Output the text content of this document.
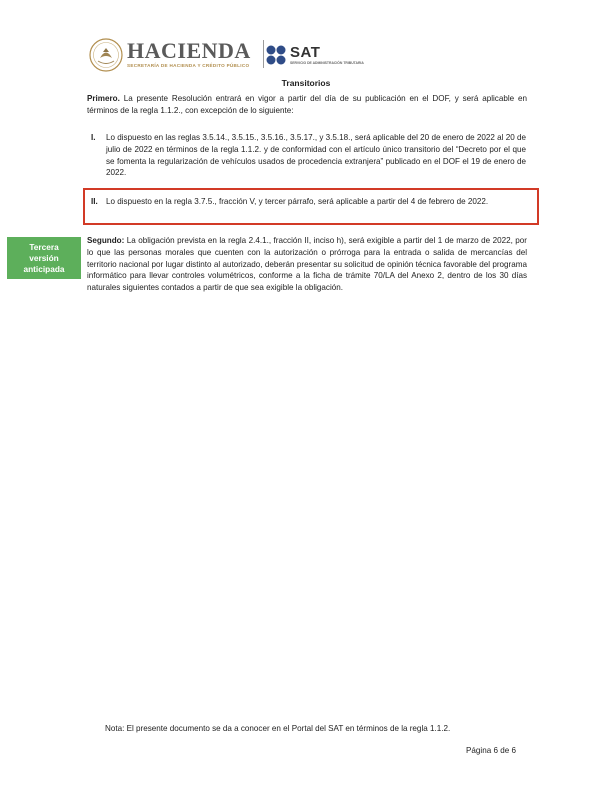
HACIENDA
SECRETARÍA DE HACIENDA Y CRÉDITO PÚBLICO
SAT
SERVICIO DE ADMINISTRACIÓN TRIBUTARIA
Transitorios

Primero. La presente Resolución entrará en vigor a partir del día de su publicación en el DOF, y será aplicable en términos de la regla 1.1.2., con excepción de lo siguiente:

I. Lo dispuesto en las reglas 3.5.14., 3.5.15., 3.5.16., 3.5.17., y 3.5.18., será aplicable del 20 de enero de 2022 al 20 de julio de 2022 en términos de la regla 1.1.2. y de conformidad con el artículo único transitorio del “Decreto por el que se fomenta la regularización de vehículos usados de procedencia extranjera” publicado en el DOF el 19 de enero de 2022.

II. Lo dispuesto en la regla 3.7.5., fracción V, y tercer párrafo, será aplicable a partir del 4 de febrero de 2022.

Tercera
versión
anticipada

Segundo: La obligación prevista en la regla 2.4.1., fracción II, inciso h), será exigible a partir del 1 de marzo de 2022, por lo que las personas morales que cuenten con la autorización o prórroga para la entrada o salida de mercancías del territorio nacional por lugar distinto al autorizado, deberán presentar su solicitud de opinión técnica favorable del programa informático para llevar controles volumétricos, conforme a la ficha de trámite 70/LA del Anexo 2, dentro de los 30 días naturales siguientes contados a partir de que sea exigible la obligación.

Nota: El presente documento se da a conocer en el Portal del SAT en términos de la regla 1.1.2.
Página 6 de 6
